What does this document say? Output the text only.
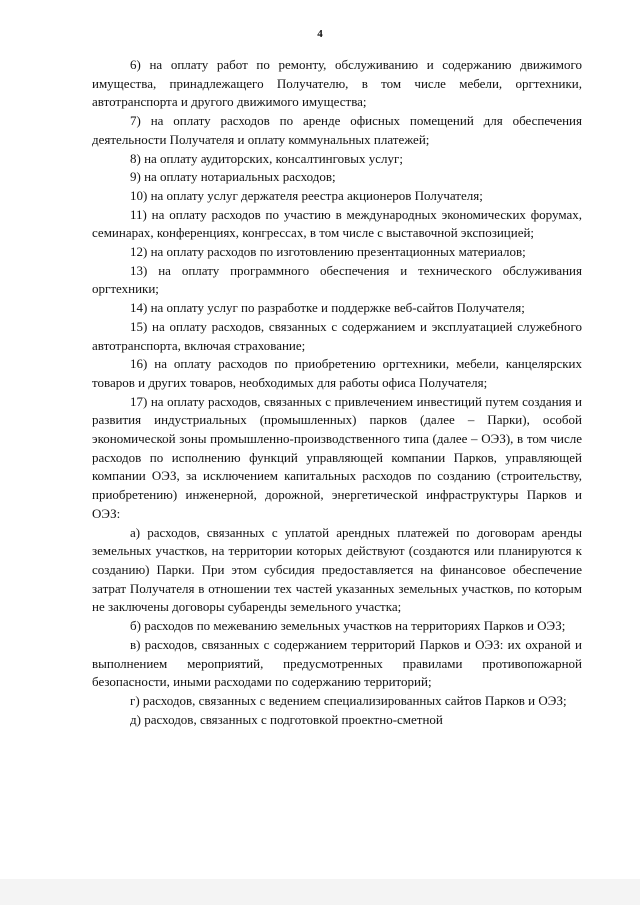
4

6) на оплату работ по ремонту, обслуживанию и содержанию движимого имущества, принадлежащего Получателю, в том числе мебели, оргтехники, автотранспорта и другого движимого имущества;

7) на оплату расходов по аренде офисных помещений для обеспечения деятельности Получателя и оплату коммунальных платежей;

8) на оплату аудиторских, консалтинговых услуг;

9) на оплату нотариальных расходов;

10) на оплату услуг держателя реестра акционеров Получателя;

11) на оплату расходов по участию в международных экономических форумах, семинарах, конференциях, конгрессах, в том числе с выставочной экспозицией;

12) на оплату расходов по изготовлению презентационных материалов;

13) на оплату программного обеспечения и технического обслуживания оргтехники;

14) на оплату услуг по разработке и поддержке веб-сайтов Получателя;

15) на оплату расходов, связанных с содержанием и эксплуатацией служебного автотранспорта, включая страхование;

16) на оплату расходов по приобретению оргтехники, мебели, канцелярских товаров и других товаров, необходимых для работы офиса Получателя;

17) на оплату расходов, связанных с привлечением инвестиций путем создания и развития индустриальных (промышленных) парков (далее – Парки), особой экономической зоны промышленно-производственного типа (далее – ОЭЗ), в том числе расходов по исполнению функций управляющей компании Парков, управляющей компании ОЭЗ, за исключением капитальных расходов по созданию (строительству, приобретению) инженерной, дорожной, энергетической инфраструктуры Парков и ОЭЗ:

а) расходов, связанных с уплатой арендных платежей по договорам аренды земельных участков, на территории которых действуют (создаются или планируются к созданию) Парки. При этом субсидия предоставляется на финансовое обеспечение затрат Получателя в отношении тех частей указанных земельных участков, по которым не заключены договоры субаренды земельного участка;

б) расходов по межеванию земельных участков на территориях Парков и ОЭЗ;

в) расходов, связанных с содержанием территорий Парков и ОЭЗ: их охраной и выполнением мероприятий, предусмотренных правилами противопожарной безопасности, иными расходами по содержанию территорий;

г) расходов, связанных с ведением специализированных сайтов Парков и ОЭЗ;

д) расходов, связанных с подготовкой проектно-сметной
